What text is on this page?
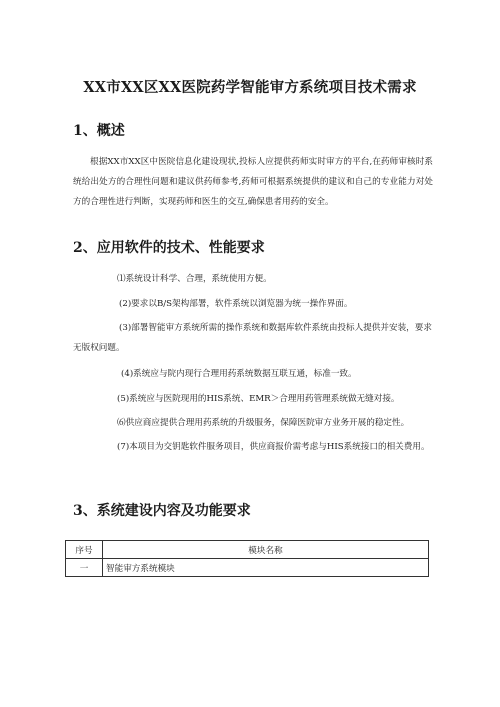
XX市XX区XX医院药学智能审方系统项目技术需求
1、概述

根据XX市XX区中医院信息化建设现状,投标人应提供药师实时审方的平台,在药师审核时系统给出处方的合理性问题和建议供药师参考,药师可根据系统提供的建议和自己的专业能力对处方的合理性进行判断，实现药师和医生的交互,确保患者用药的安全。

2、应用软件的技术、性能要求
⑴系统设计科学、合理，系统使用方便。
(2)要求以B/S架构部署，软件系统以浏览器为统一操作界面。

(3)部署智能审方系统所需的操作系统和数据库软件系统由投标人提供并安装，要求无版权问题。

(4)系统应与院内现行合理用药系统数据互联互通，标准一致。
(5)系统应与医院现用的HIS系统、EMR＞合理用药管理系统做无缝对接。
⑹供应商应提供合理用药系统的升级服务，保障医院审方业务开展的稳定性。

(7)本项目为交钥匙软件服务项目，供应商报价需考虑与HIS系统接口的相关费用。

3、系统建设内容及功能要求
序号	模块名称
一	智能审方系统模块
